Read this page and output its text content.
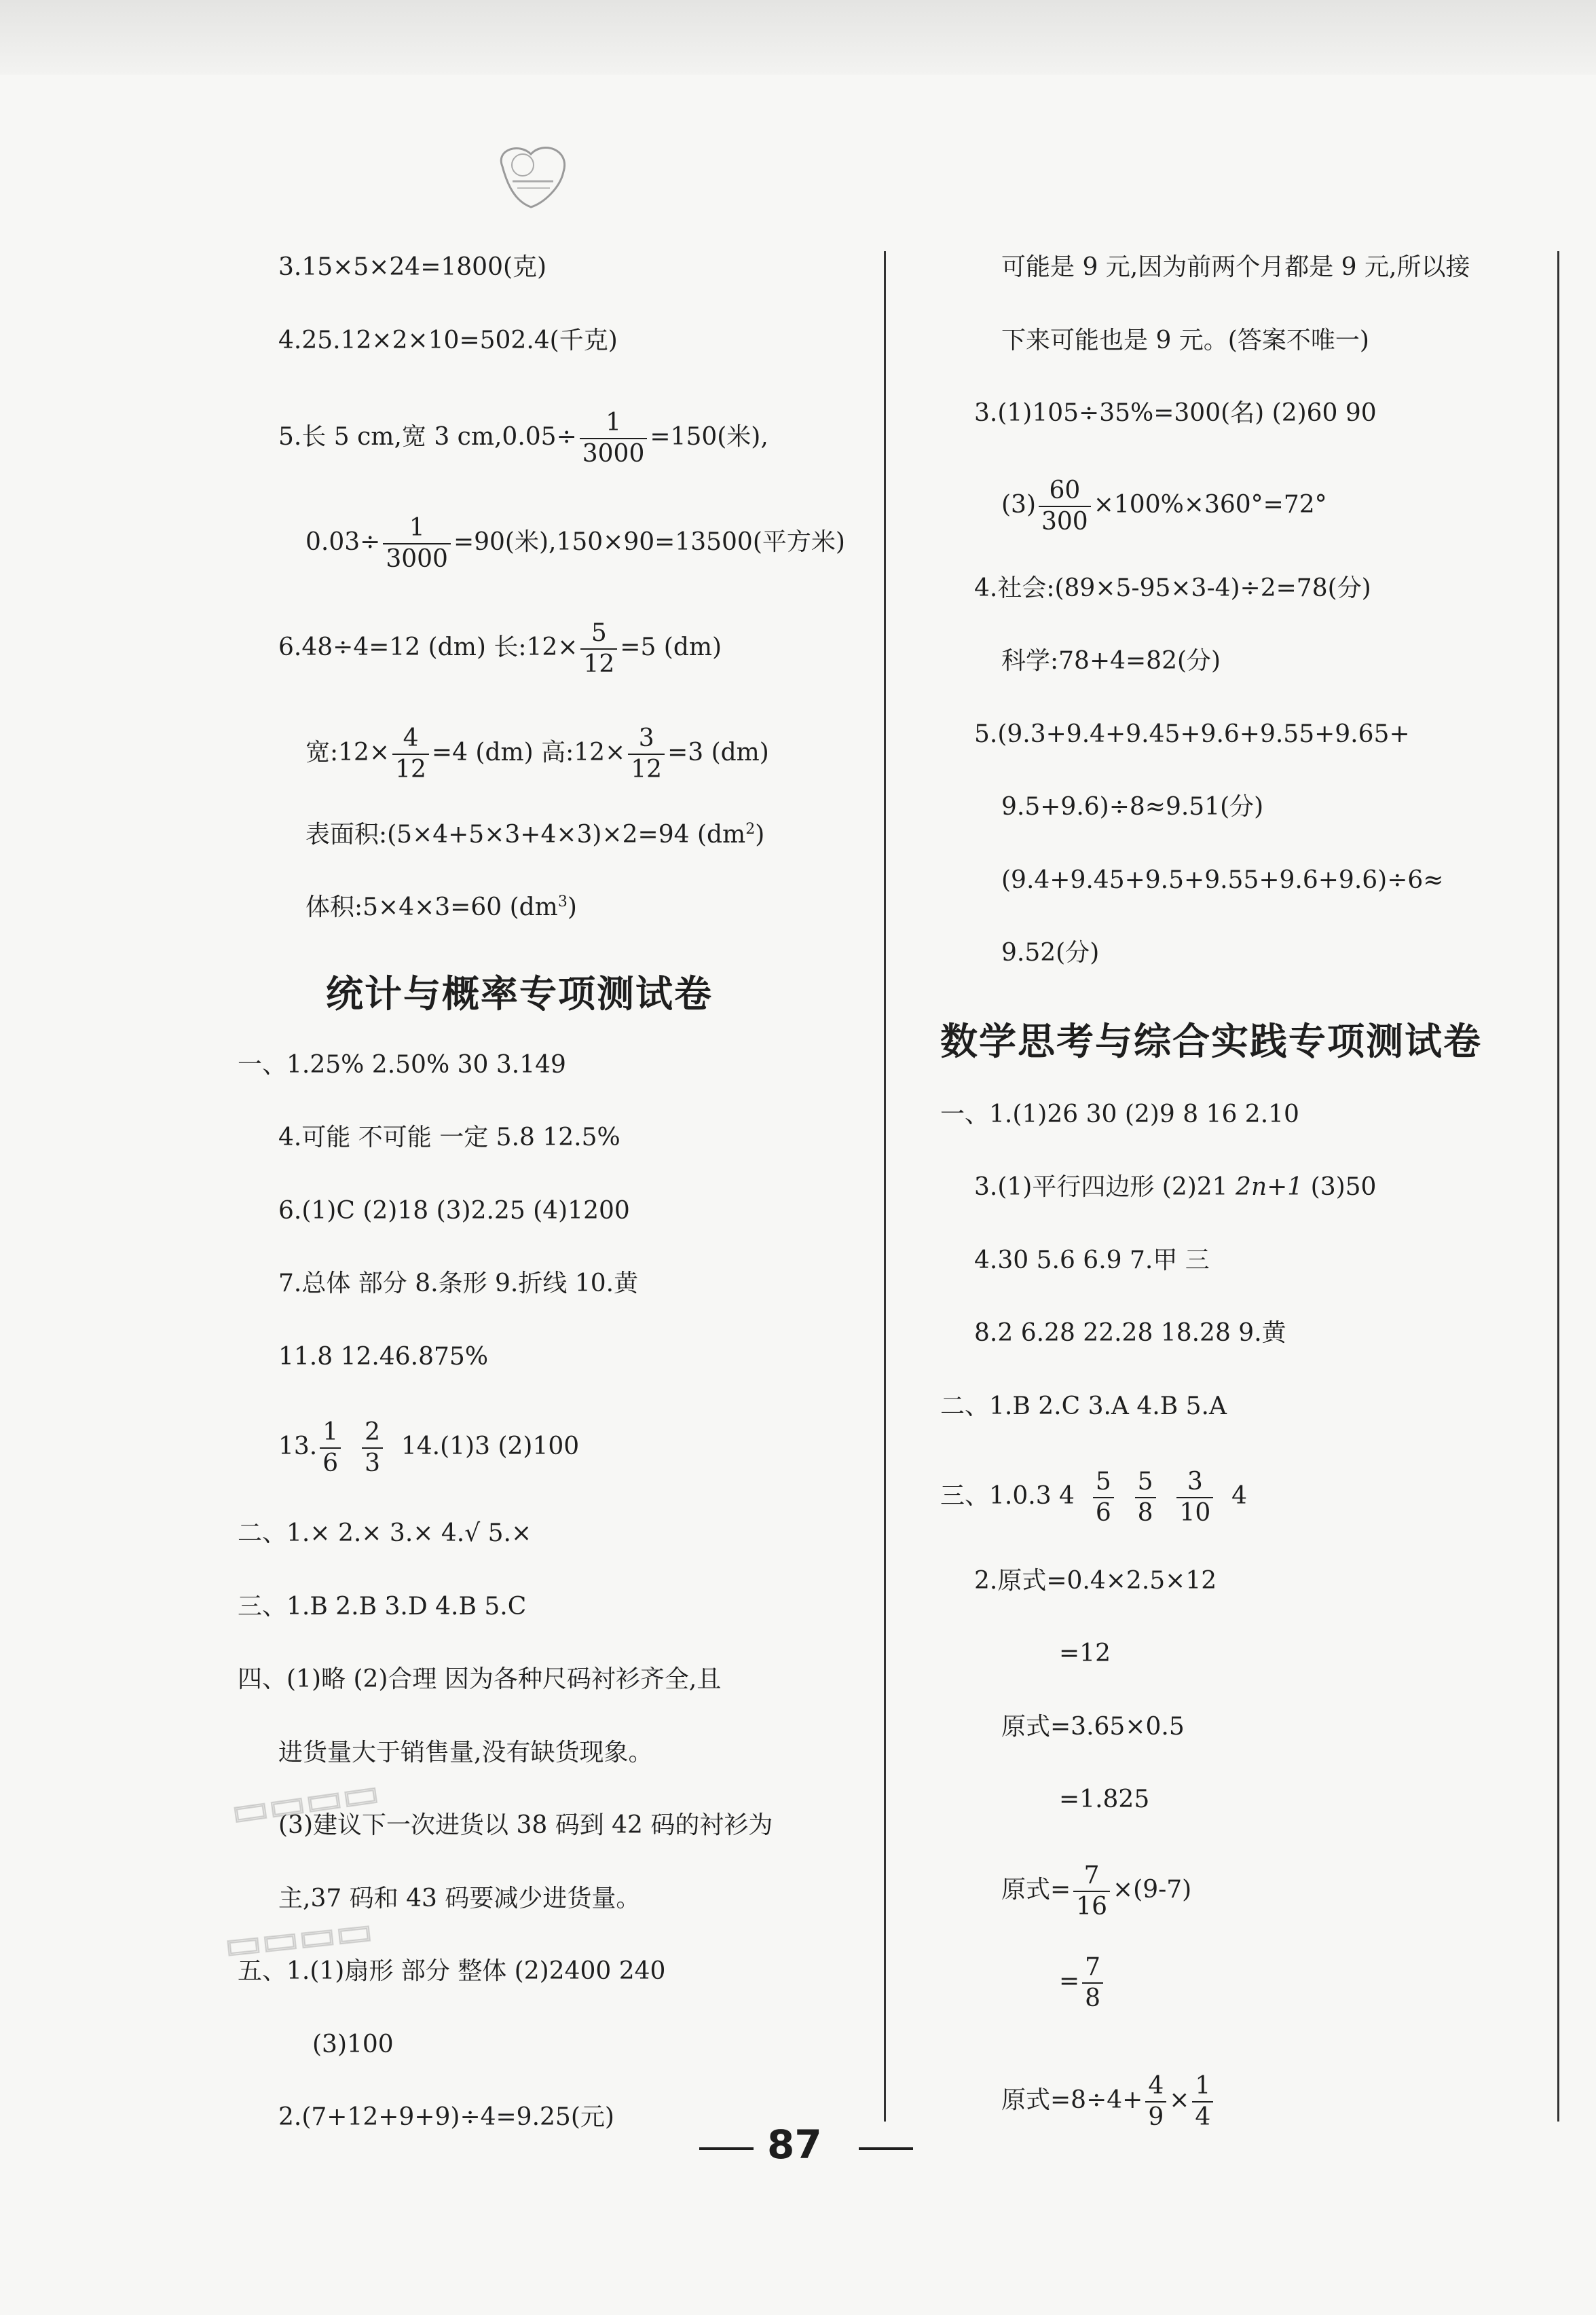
3.15×5×24=1800(克)
4.25.12×2×10=502.4(千克)
5.长 5 cm,宽 3 $cm,0.05\div \frac{1}{3000} =150$(米),
$0.03\div \frac{1}{3000} =90$(米),150×90=13500(平方米)
6.48÷4=12 (dm) 长:12× $\frac{5}{12} =5$ (dm)
宽:12× $\frac{4}{12} =4$ (dm) 高:12× $\frac{3}{12} =3$ (dm)
表面积:(5×4+5×3+4×3)×2=94 $(dm^2)$
体积:5×4×3=60 $(dm^3)$
统计与概率专项测试卷
一、1.25% 2.50% 30 3.149
4.可能 不可能 一定 5.8 12.5%
6.(1)C (2)18 (3)2.25 (4)1200
7.总体 部分 8.条形 9.折线 10.黄
11.8 12.46.875%
13. $\frac{1}{6}$
$\frac{2}{3} 14.(1)3$ (2)100
二、1.× 2.× 3.× 4.√ 5.×
三、1.B 2.B 3.D 4.B 5.C
四、(1)略 (2)合理 因为各种尺码衬衫齐全,且
进货量大于销售量,没有缺货现象。
(3)建议下一次进货以 38 码到 42 码的衬衫为
主,37 码和 43 码要减少进货量。
五、1.(1)扇形 部分 整体 (2)2400 240
(3)100
2.(7+12+9+9)÷4=9.25(元)
可能是 9 元,因为前两个月都是 9 元,所以接
下来可能也是 9 元。(答案不唯一)
3.(1)105÷35%=300(名) (2)60 90
$(3) \frac{60}{300} \times 100\%\times 360^\circ=72^\circ$
4.社会:(89×5-95×3-4)÷2=78(分)
科学:78+4=82(分)
5.(9.3+9.4+9.45+9.6+9.55+9.65+
9.5+9.6)÷8≈9.51(分)
(9.4+9.45+9.5+9.55+9.6+9.6)÷6≈
9.52(分)
数学思考与综合实践专项测试卷
一、1.(1)26 30 (2)9 8 16 2.10
3.(1)平行四边形 (2)21 2n+1 (3)50
4.30 5.6 6.9 7.甲 三
8.2 6.28 22.28 18.28 9.黄
二、1.B 2.C 3.A 4.B 5.A
三、1.0.3 $4 \frac{5}{6}$
$\frac{5}{8}$
$\frac{3}{10} 4$
2.原式=0.4×2.5×12
=12
原式=3.65×0.5
=1.825
原式= $\frac{7}{16} \times(9-7)$
= $\frac{7}{8}$
原式$=8\div 4+ \frac{4}{9} \times \frac{1}{4}$
▭▭▭▭
▭▭▭▭
87
